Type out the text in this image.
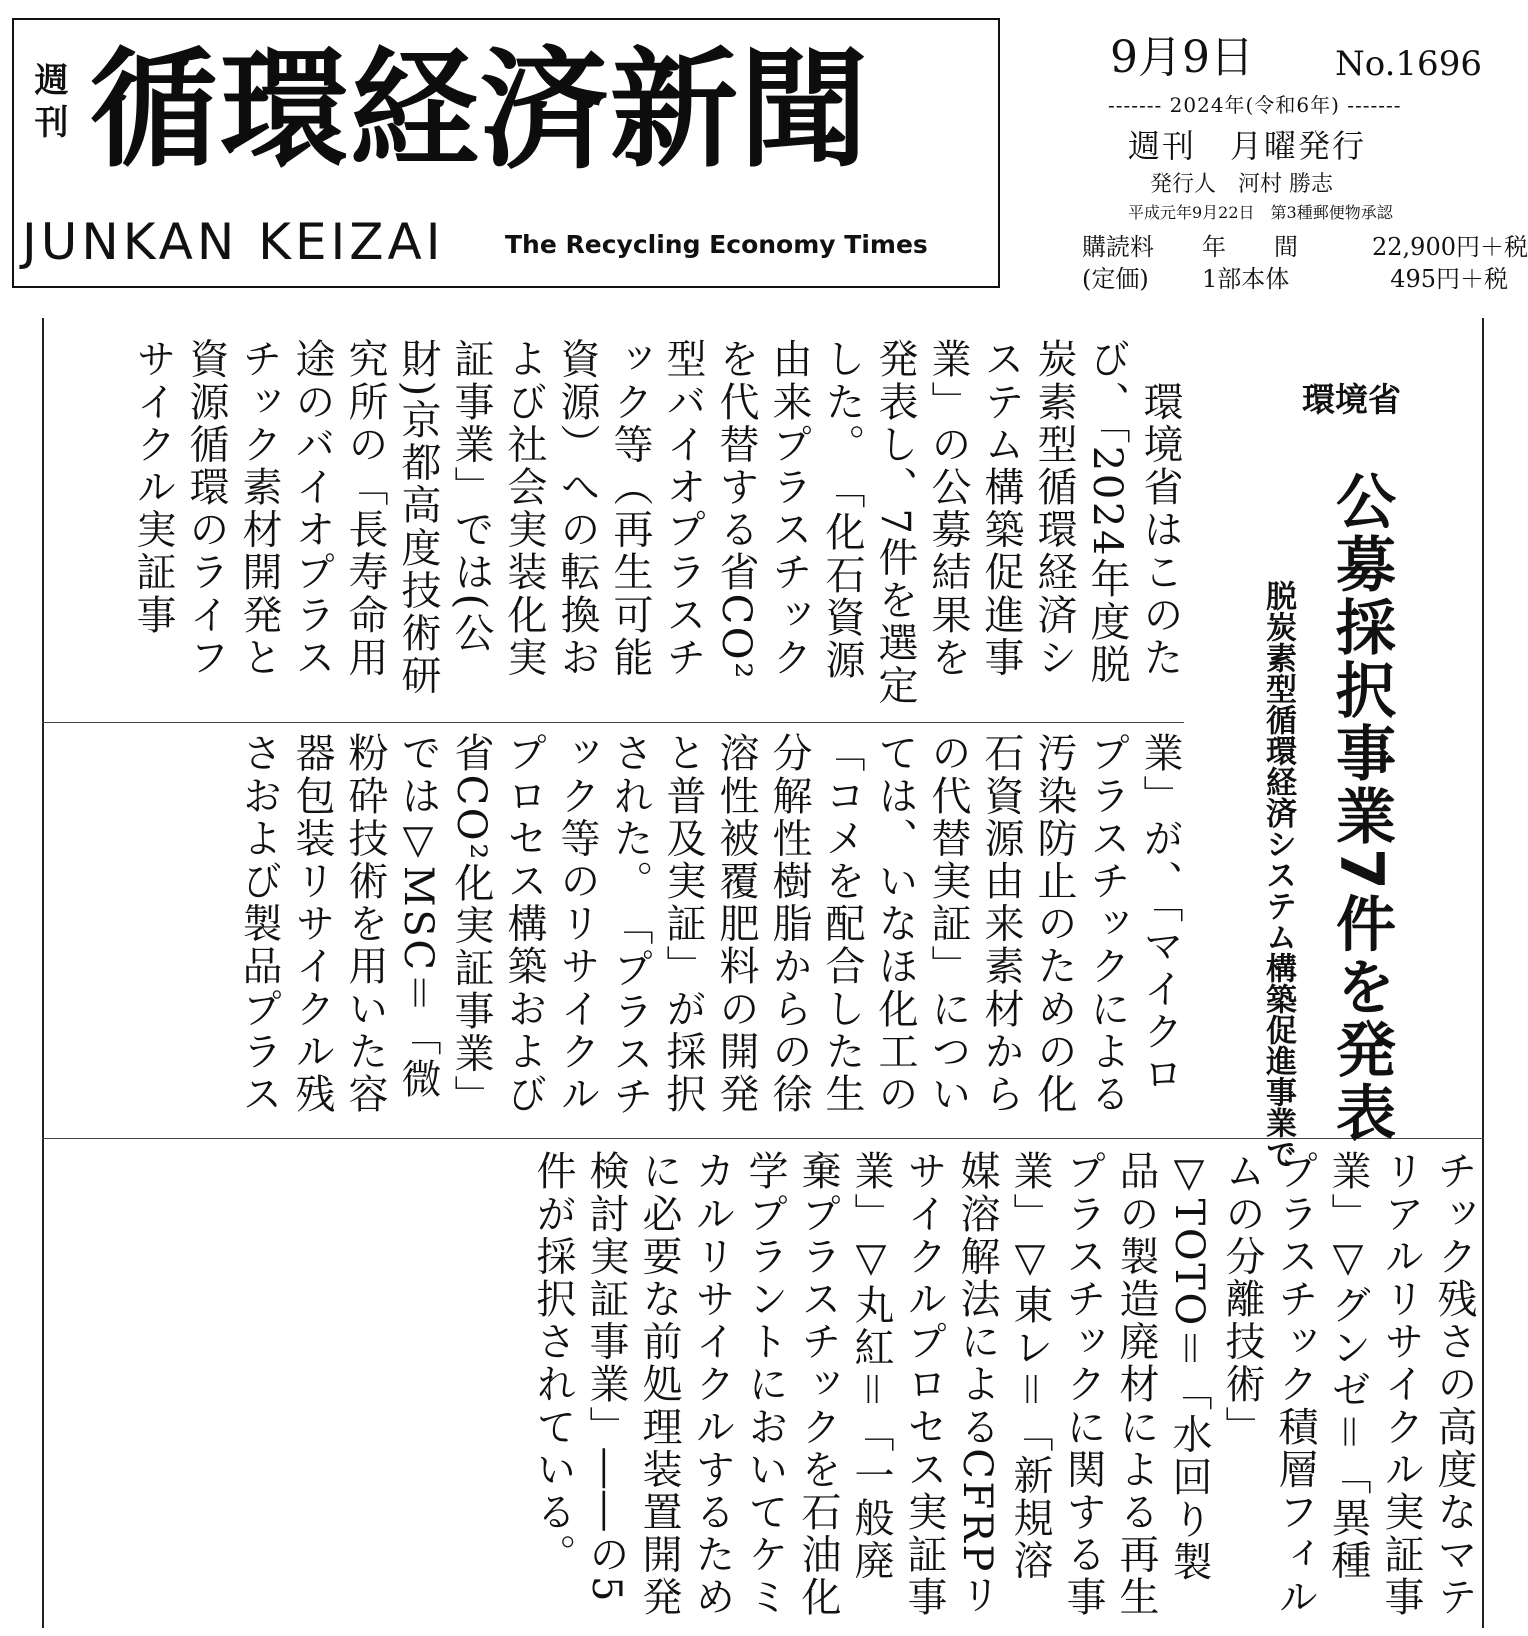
週刊 循環経済新聞
JUNKAN KEIZAI The Recycling Economy Times
9月9日 No.1696
------- 2024年(令和6年) -------
週刊　月曜発行
発行人　河村 勝志
平成元年9月22日　第3種郵便物承認
購読料 年　　間	22,900円＋税
(定価) 1部本体	495円＋税
環境省
公募採択事業7件を発表
脱炭素型循環経済システム構築促進事業で
　環境省はこのたび、「2024年度脱炭素型循環経済システム構築促進事業」の公募結果を発表し、7件を選定した。　「化石資源由来プラスチックを代替する省CO²型バイオプラスチック等（再生可能資源）への転換および社会実装化実証事業」では(公財)京都高度技術研究所の「長寿命用途のバイオプラスチック素材開発と資源循環のライフサイクル実証事
業」が、「マイクロプラスチックによる汚染防止のための化石資源由来素材からの代替実証」については、いなほ化工の「コメを配合した生分解性樹脂からの徐溶性被覆肥料の開発と普及実証」が採択された。　「プラスチック等のリサイクルプロセス構築および省CO²化実証事業」では▽MSC＝「微粉砕技術を用いた容器包装リサイクル残さおよび製品プラス
チック残さの高度なマテリアルリサイクル実証事業」▽グンゼ＝「異種プラスチック積層フィルムの分離技術」▽TOTO＝「水回り製品の製造廃材による再生プラスチックに関する事業」▽東レ＝「新規溶媒溶解法によるCFRPリサイクルプロセス実証事業」▽丸紅＝「一般廃棄プラスチックを石油化学プラントにおいてケミカルリサイクルするために必要な前処理装置開発検討実証事業」――の5件が採択されている。
